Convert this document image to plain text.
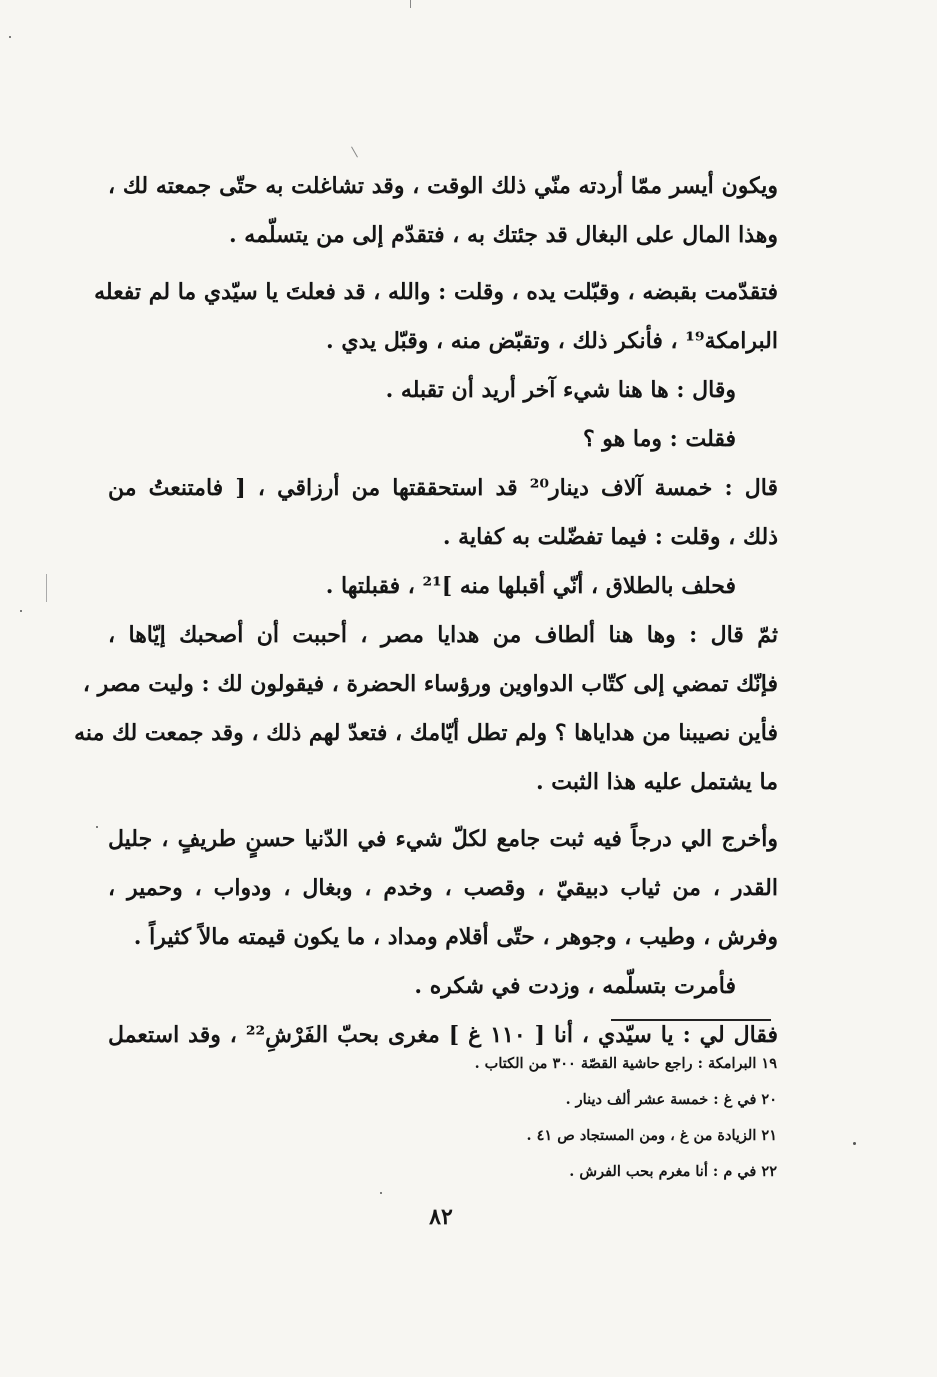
ويكون أيسر ممّا أردته منّي ذلك الوقت ، وقد تشاغلت به حتّى جمعته لك ،
وهذا المال على البغال قد جئتك به ، فتقدّم إلى من يتسلّمه .
فتقدّمت بقبضه ، وقبّلت يده ، وقلت : والله ، قد فعلتَ يا سيّدي ما لم تفعله
البرامكة¹⁹ ، فأنكر ذلك ، وتقبّض منه ، وقبّل يدي .
وقال : ها هنا شيء آخر أريد أن تقبله .
فقلت : وما هو ؟
قال : خمسة آلاف دينار²⁰ قد استحققتها من أرزاقي ، [ فامتنعتُ من
ذلك ، وقلت : فيما تفضّلت به كفاية .
فحلف بالطلاق ، أنّي أقبلها منه ]²¹ ، فقبلتها .
ثمّ قال : وها هنا ألطاف من هدايا مصر ، أحببت أن أصحبك إيّاها ،
فإنّك تمضي إلى كتّاب الدواوين ورؤساء الحضرة ، فيقولون لك : وليت مصر ،
فأين نصيبنا من هداياها ؟ ولم تطل أيّامك ، فتعدّ لهم ذلك ، وقد جمعت لك منه
ما يشتمل عليه هذا الثبت .
وأخرج الي درجاً فيه ثبت جامع لكلّ شيء في الدّنيا حسنٍ طريفٍ ، جليل
القدر ، من ثياب دبيقيّ ، وقصب ، وخدم ، وبغال ، ودواب ، وحمير ،
وفرش ، وطيب ، وجوهر ، حتّى أقلام ومداد ، ما يكون قيمته مالاً كثيراً .
فأمرت بتسلّمه ، وزدت في شكره .
فقال لي : يا سيّدي ، أنا [ ١١٠ غ ] مغرى بحبّ الفَرْشِ²² ، وقد استعمل
١٩ البرامكة : راجع حاشية القصّة ٣٠٠ من الكتاب .
٢٠ في غ : خمسة عشر ألف دينار .
٢١ الزيادة من غ ، ومن المستجاد ص ٤١ .
٢٢ في م : أنا مغرم بحب الفرش .
٨٢
